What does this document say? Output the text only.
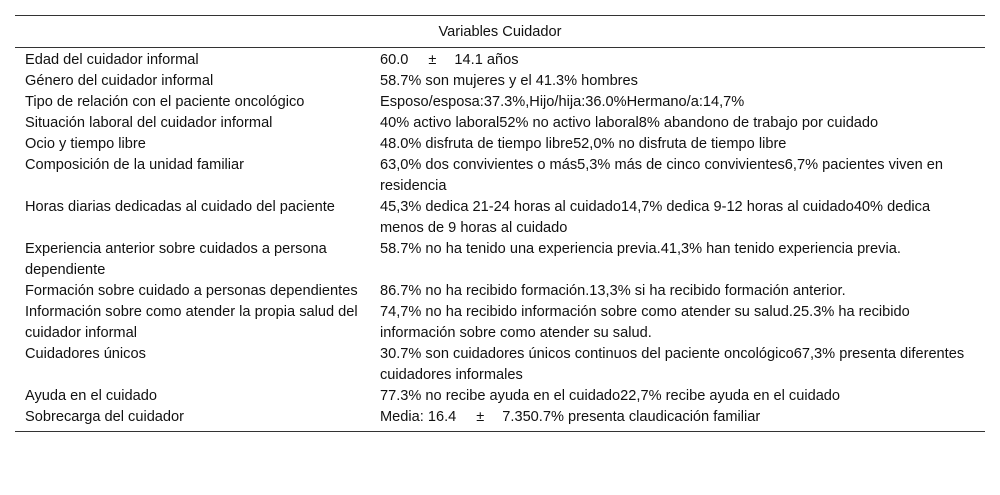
Variables Cuidador	
Edad del cuidador informal	60.0 ± 14.1 años
Género del cuidador informal	58.7% son mujeres y el 41.3% hombres
Tipo de relación con el paciente oncológico	Esposo/esposa:37.3%,Hijo/hija:36.0%Hermano/a:14,7%
Situación laboral del cuidador informal	40% activo laboral52% no activo laboral8% abandono de trabajo por cuidado
Ocio y tiempo libre	48.0% disfruta de tiempo libre52,0% no disfruta de tiempo libre
Composición de la unidad familiar	63,0% dos convivientes o más5,3% más de cinco convivientes6,7% pacientes viven en residencia
Horas diarias dedicadas al cuidado del paciente	45,3% dedica 21-24 horas al cuidado14,7% dedica 9-12 horas al cuidado40% dedica menos de 9 horas al cuidado
Experiencia anterior sobre cuidados a persona dependiente	58.7% no ha tenido una experiencia previa.41,3% han tenido experiencia previa.
Formación sobre cuidado a personas dependientes	86.7% no ha recibido formación.13,3% si ha recibido formación anterior.
Información sobre como atender la propia salud del cuidador informal	74,7% no ha recibido información sobre como atender su salud.25.3% ha recibido información sobre como atender su salud.
Cuidadores únicos	30.7% son cuidadores únicos continuos del paciente oncológico67,3% presenta diferentes cuidadores informales
Ayuda en el cuidado	77.3% no recibe ayuda en el cuidado22,7% recibe ayuda en el cuidado
Sobrecarga del cuidador	Media: 16.4 ± 7.350.7% presenta claudicación familiar
